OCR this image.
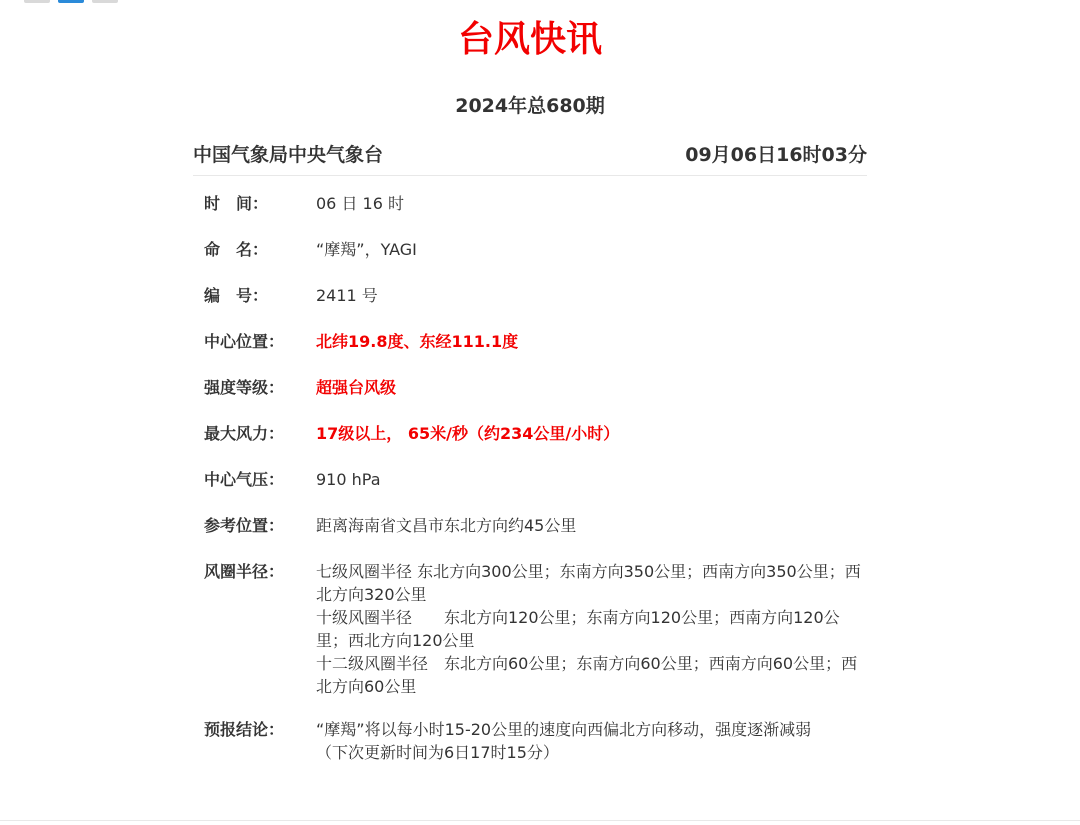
台风快讯
2024年总680期
中国气象局中央气象台	09月06日16时03分
时　间：	06 日 16 时
命　名：	“摩羯”，YAGI
编　号：	2411 号
中心位置：	北纬19.8度、东经111.1度
强度等级：	超强台风级
最大风力：	17级以上， 65米/秒（约234公里/小时）
中心气压：	910 hPa
参考位置：	距离海南省文昌市东北方向约45公里
风圈半径：	七级风圈半径 东北方向300公里；东南方向350公里；西南方向350公里；西北方向320公里
十级风圈半径　　东北方向120公里；东南方向120公里；西南方向120公里；西北方向120公里
十二级风圈半径　东北方向60公里；东南方向60公里；西南方向60公里；西北方向60公里
预报结论：	“摩羯”将以每小时15-20公里的速度向西偏北方向移动，强度逐渐减弱
（下次更新时间为6日17时15分）
